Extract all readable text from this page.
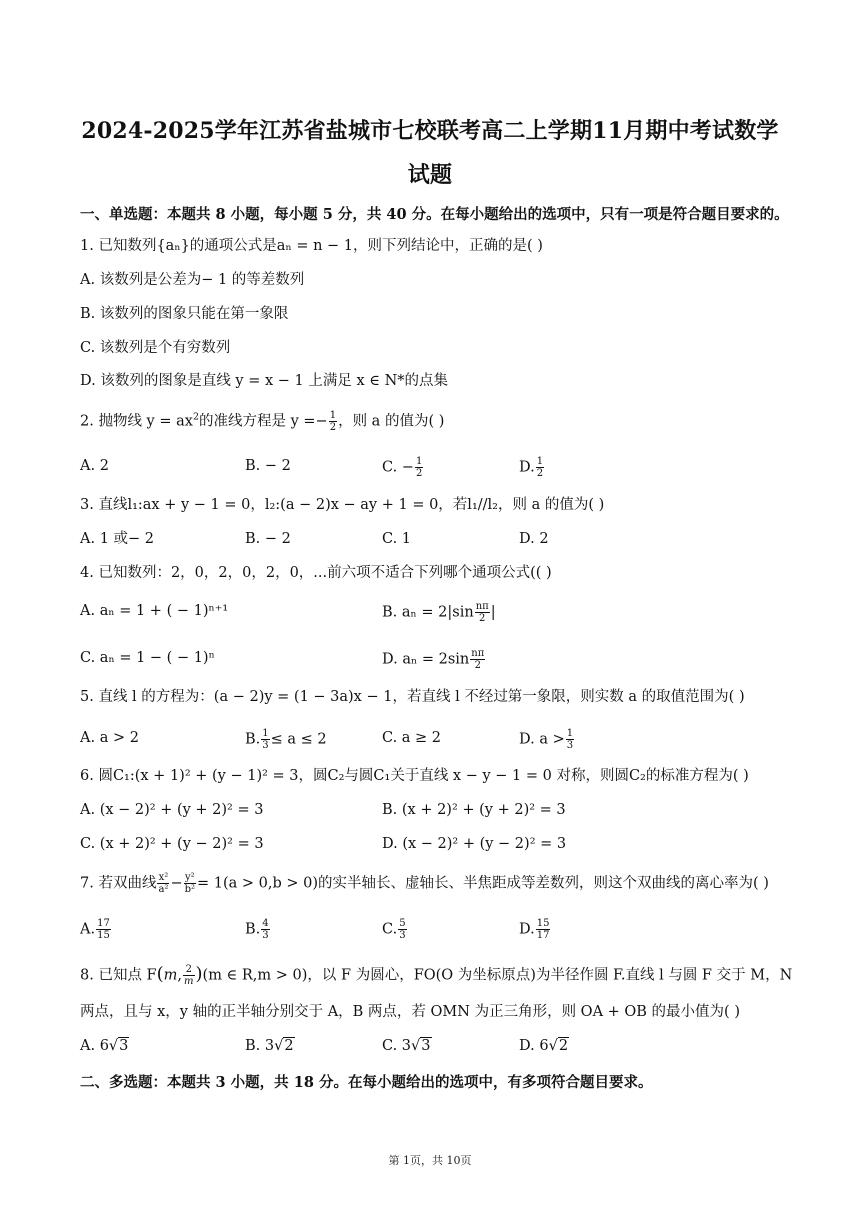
2024-2025学年江苏省盐城市七校联考高二上学期11月期中考试数学
试题
一、单选题：本题共 8 小题，每小题 5 分，共 40 分。在每小题给出的选项中，只有一项是符合题目要求的。
1. 已知数列{aₙ}的通项公式是aₙ = n − 1，则下列结论中，正确的是( )
A. 该数列是公差为− 1 的等差数列
B. 该数列的图象只能在第一象限
C. 该数列是个有穷数列
D. 该数列的图象是直线 y = x − 1 上满足 x ∈ N*的点集
2. 抛物线 $y = ax^2$的准线方程是 $y =- \frac{1}{2}$ ，则 a 的值为( )
A. 2	B. − 2	C. − $\frac{1}{2}$	D. $\frac{1}{2}$
3. 直线l₁:ax + y − 1 = 0，l₂:(a − 2)x − ay + 1 = 0，若l₁//l₂，则 a 的值为( )
A. 1 或− 2	B. − 2	C. 1	D. 2
4. 已知数列：2，0，2，0，2，0，...前六项不适合下列哪个通项公式(( )
A. aₙ = 1 + ( − 1)ⁿ⁺¹	B. $a_n = 2|\sin \frac{n\pi}{2}$ |
C. aₙ = 1 − ( − 1)ⁿ	D. $a_n = 2\sin \frac{n\pi}{2}$
5. 直线 l 的方程为：(a − 2)y = (1 − 3a)x − 1，若直线 l 不经过第一象限，则实数 a 的取值范围为( )
A. a > 2	B. $\frac{1}{3} \le a \le 2$	C. a ≥ 2	D. $a > \frac{1}{3}$
6. 圆C₁:(x + 1)² + (y − 1)² = 3，圆C₂与圆C₁关于直线 x − y − 1 = 0 对称，则圆C₂的标准方程为( )
A. (x − 2)² + (y + 2)² = 3	B. (x + 2)² + (y + 2)² = 3
C. (x + 2)² + (y − 2)² = 3	D. (x − 2)² + (y − 2)² = 3
7. 若双曲线 $\frac{\text{x²}}{\text{a²}} - \frac{\text{y²}}{\text{b²}} = 1(a > 0,b > 0)$的实半轴长、虚轴长、半焦距成等差数列，则这个双曲线的离心率为( )
A. $\frac{17}{15}$	B. $\frac{4}{3}$	C. $\frac{5}{3}$	D. $\frac{15}{17}$
8. 已知点 F(m, $\frac{2}{m} )(m$ ∈ R,m > 0)，以 F 为圆心，FO(O 为坐标原点)为半径作圆 F.直线 l 与圆 F 交于 M，N
两点，且与 x，y 轴的正半轴分别交于 A，B 两点，若 OMN 为正三角形，则 OA + OB 的最小值为( )
A. 6√3	B. 3√2	C. 3√3	D. 6√2
二、多选题：本题共 3 小题，共 18 分。在每小题给出的选项中，有多项符合题目要求。
第 1页，共 10页
